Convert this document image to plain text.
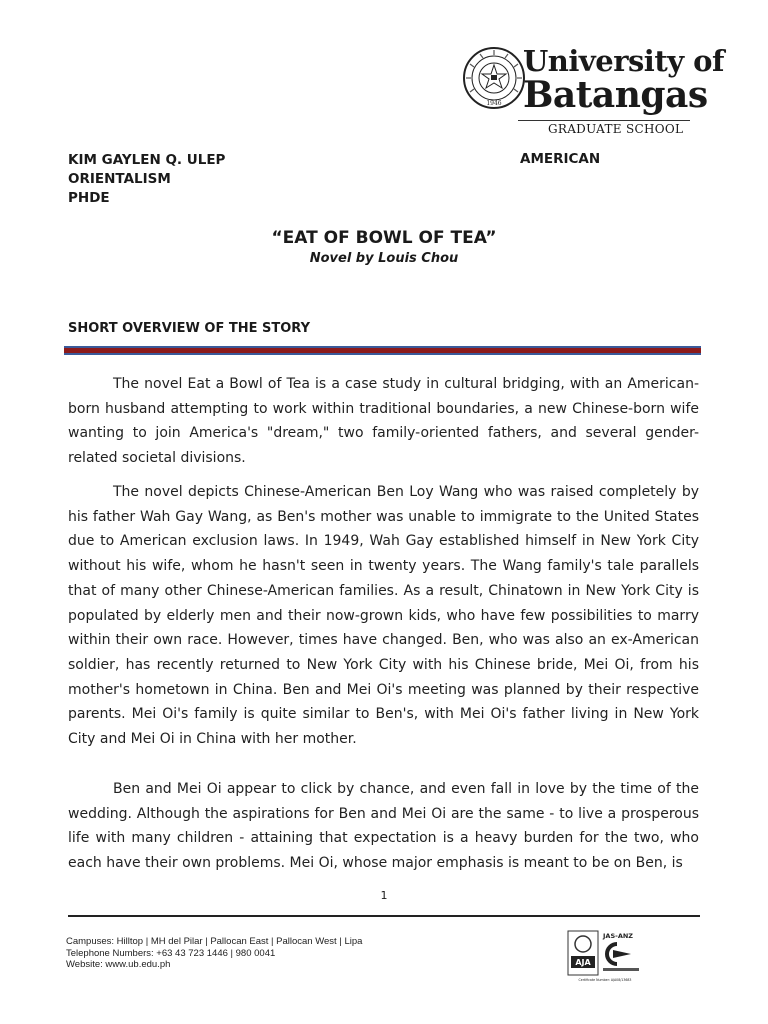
1946
University of
Batangas
GRADUATE SCHOOL
KIM GAYLEN Q. ULEP
ORIENTALISM
PHDE
AMERICAN
“EAT OF BOWL OF TEA”
Novel by Louis Chou
SHORT OVERVIEW OF THE STORY

The novel Eat a Bowl of Tea is a case study in cultural bridging, with an American-born husband attempting to work within traditional boundaries, a new Chinese-born wife wanting to join America's "dream," two family-oriented fathers, and several gender-related societal divisions.

The novel depicts Chinese-American Ben Loy Wang who was raised completely by his father Wah Gay Wang, as Ben's mother was unable to immigrate to the United States due to American exclusion laws. In 1949, Wah Gay established himself in New York City without his wife, whom he hasn't seen in twenty years. The Wang family's tale parallels that of many other Chinese-American families. As a result, Chinatown in New York City is populated by elderly men and their now-grown kids, who have few possibilities to marry within their own race. However, times have changed. Ben, who was also an ex-American soldier, has recently returned to New York City with his Chinese bride, Mei Oi, from his mother's hometown in China. Ben and Mei Oi's meeting was planned by their respective parents. Mei Oi's family is quite similar to Ben's, with Mei Oi's father living in New York City and Mei Oi in China with her mother.

Ben and Mei Oi appear to click by chance, and even fall in love by the time of the wedding. Although the aspirations for Ben and Mei Oi are the same - to live a prosperous life with many children - attaining that expectation is a heavy burden for the two, who each have their own problems. Mei Oi, whose major emphasis is meant to be on Ben, is

1
Campuses: Hilltop | MH del Pilar | Pallocan East | Pallocan West | Lipa
Telephone Numbers: +63 43 723 1446 | 980 0041
Website: www.ub.edu.ph	AJA
JAS-ANZ
Certificate Number: AJA08/13683
